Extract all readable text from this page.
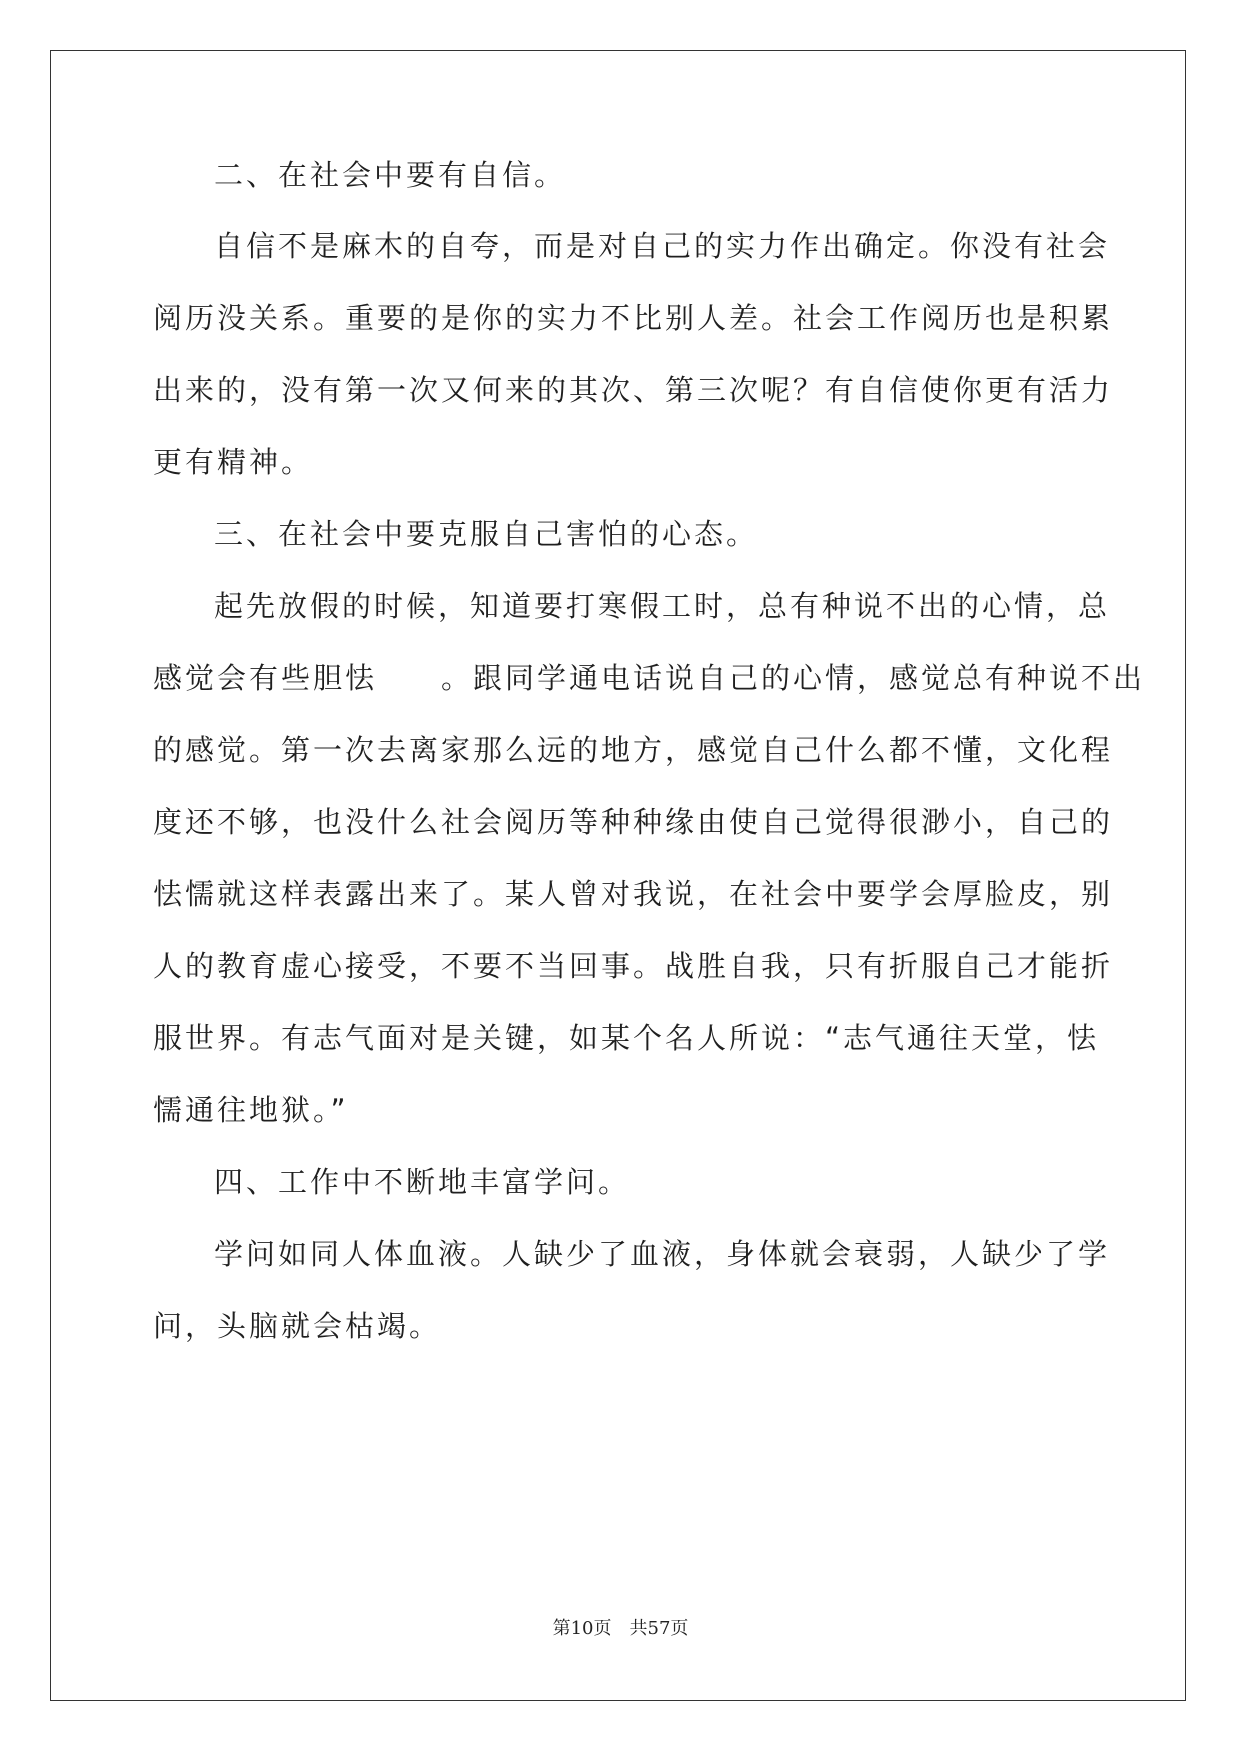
二、在社会中要有自信。
自信不是麻木的自夸，而是对自己的实力作出确定。你没有社会
阅历没关系。重要的是你的实力不比别人差。社会工作阅历也是积累
出来的，没有第一次又何来的其次、第三次呢？有自信使你更有活力
更有精神。
三、在社会中要克服自己害怕的心态。
起先放假的时候，知道要打寒假工时，总有种说不出的心情，总
感觉会有些胆怯　　。跟同学通电话说自己的心情，感觉总有种说不出
的感觉。第一次去离家那么远的地方，感觉自己什么都不懂，文化程
度还不够，也没什么社会阅历等种种缘由使自己觉得很渺小，自己的
怯懦就这样表露出来了。某人曾对我说，在社会中要学会厚脸皮，别
人的教育虚心接受，不要不当回事。战胜自我，只有折服自己才能折
服世界。有志气面对是关键，如某个名人所说：“志气通往天堂，怯
懦通往地狱。”
四、工作中不断地丰富学问。
学问如同人体血液。人缺少了血液，身体就会衰弱，人缺少了学
问，头脑就会枯竭。
第10页　共57页
